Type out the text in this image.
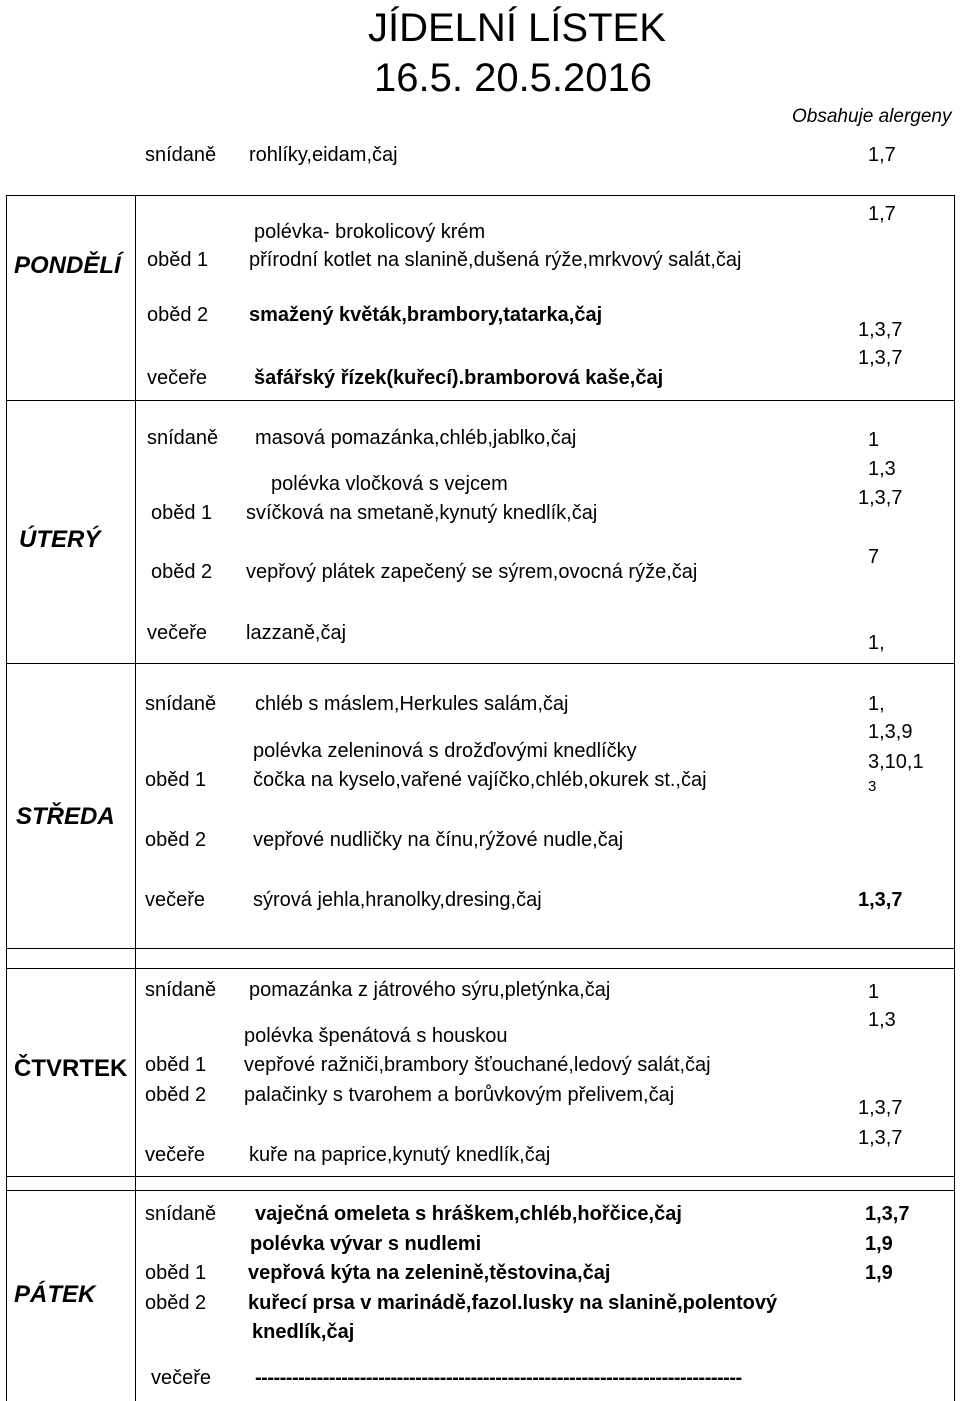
JÍDELNÍ LÍSTEK
16.5. 20.5.2016
Obsahuje alergeny
snídaně rohlíky,eidam,čaj	1,7
PONDĚLÍ oběd 1
oběd 2
večeře
polévka- brokolicový krém
přírodní kotlet na slanině,dušená rýže,mrkvový salát,čaj
smažený květák,brambory,tatarka,čaj
šafářský řízek(kuřecí).bramborová kaše,čaj
1,7
1,3,7
1,3,7
ÚTERÝ
snídaně
oběd 1
oběd 2
večeře
masová pomazánka,chléb,jablko,čaj
polévka vločková s vejcem
svíčková na smetaně,kynutý knedlík,čaj
vepřový plátek zapečený se sýrem,ovocná rýže,čaj
lazzaně,čaj
1
1,3
1,3,7
7
1,
STŘEDA
snídaně
oběd 1
oběd 2
večeře
chléb s máslem,Herkules salám,čaj
polévka zeleninová s drožďovými knedlíčky
čočka na kyselo,vařené vajíčko,chléb,okurek st.,čaj
vepřové nudličky na čínu,rýžové nudle,čaj
sýrová jehla,hranolky,dresing,čaj
1,
1,3,9
3,10,1
3
1,3,7
ČTVRTEK
snídaně
oběd 1
oběd 2
večeře
pomazánka z játrového sýru,pletýnka,čaj
polévka špenátová s houskou
vepřové ražniči,brambory šťouchané,ledový salát,čaj
palačinky s tvarohem a borůvkovým přelivem,čaj
kuře na paprice,kynutý knedlík,čaj
1
1,3
1,3,7
1,3,7
PÁTEK
snídaně
oběd 1
oběd 2
večeře
vaječná omeleta s hráškem,chléb,hořčice,čaj
polévka vývar s nudlemi
vepřová kýta na zelenině,těstovina,čaj
kuřecí prsa v marinádě,fazol.lusky na slanině,polentový
knedlík,čaj
-------------------------------------------------------------------------------
1,3,7
1,9
1,9
